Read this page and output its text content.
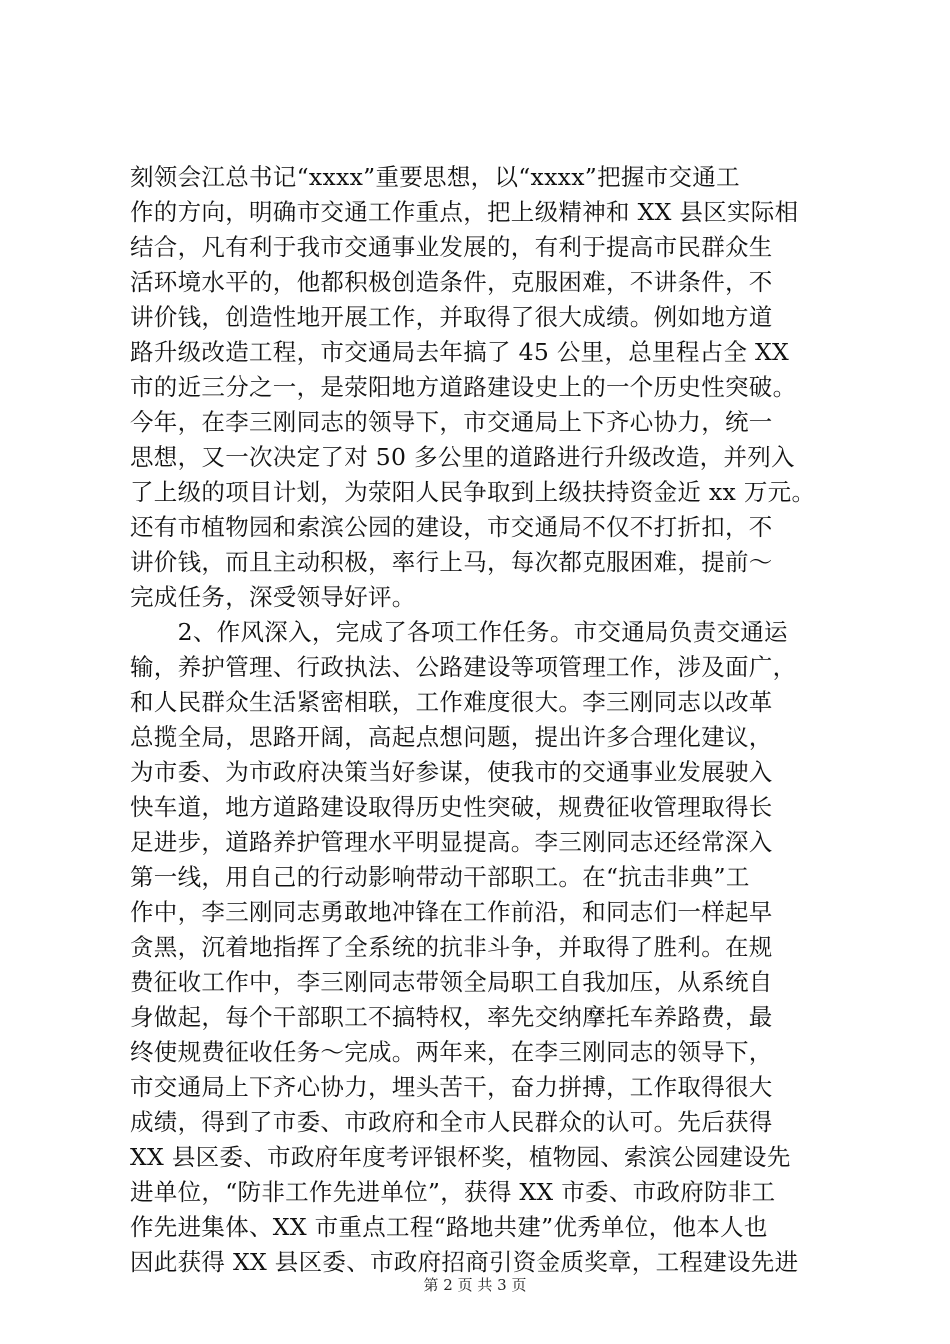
刻领会江总书记“xxxx”重要思想，以“xxxx”把握市交通工
作的方向，明确市交通工作重点，把上级精神和 XX 县区实际相
结合，凡有利于我市交通事业发展的，有利于提高市民群众生
活环境水平的，他都积极创造条件，克服困难，不讲条件，不
讲价钱，创造性地开展工作，并取得了很大成绩。例如地方道
路升级改造工程，市交通局去年搞了 45 公里，总里程占全 XX
市的近三分之一，是荥阳地方道路建设史上的一个历史性突破。
今年，在李三刚同志的领导下，市交通局上下齐心协力，统一
思想，又一次决定了对 50 多公里的道路进行升级改造，并列入
了上级的项目计划，为荥阳人民争取到上级扶持资金近 xx 万元。
还有市植物园和索滨公园的建设，市交通局不仅不打折扣，不
讲价钱，而且主动积极，率行上马，每次都克服困难，提前～
完成任务，深受领导好评。
　　2、作风深入，完成了各项工作任务。市交通局负责交通运
输，养护管理、行政执法、公路建设等项管理工作，涉及面广，
和人民群众生活紧密相联，工作难度很大。李三刚同志以改革
总揽全局，思路开阔，高起点想问题，提出许多合理化建议，
为市委、为市政府决策当好参谋，使我市的交通事业发展驶入
快车道，地方道路建设取得历史性突破，规费征收管理取得长
足进步，道路养护管理水平明显提高。李三刚同志还经常深入
第一线，用自己的行动影响带动干部职工。在“抗击非典”工
作中，李三刚同志勇敢地冲锋在工作前沿，和同志们一样起早
贪黑，沉着地指挥了全系统的抗非斗争，并取得了胜利。在规
费征收工作中，李三刚同志带领全局职工自我加压，从系统自
身做起，每个干部职工不搞特权，率先交纳摩托车养路费，最
终使规费征收任务～完成。两年来，在李三刚同志的领导下，
市交通局上下齐心协力，埋头苦干，奋力拼搏，工作取得很大
成绩，得到了市委、市政府和全市人民群众的认可。先后获得
XX 县区委、市政府年度考评银杯奖，植物园、索滨公园建设先
进单位，“防非工作先进单位”，获得 XX 市委、市政府防非工
作先进集体、XX 市重点工程“路地共建”优秀单位，他本人也
因此获得 XX 县区委、市政府招商引资金质奖章，工程建设先进
第 2 页 共 3 页
